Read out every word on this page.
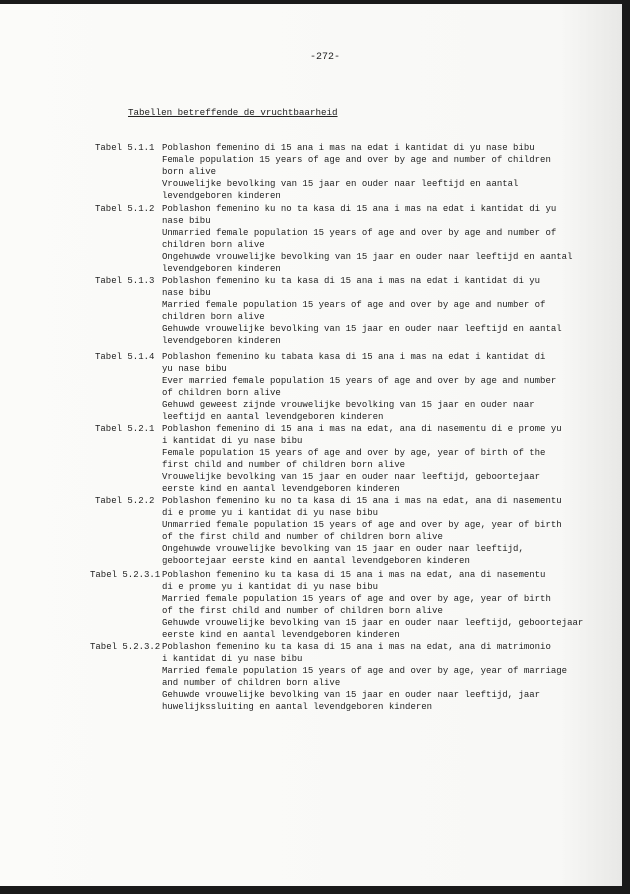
-272-
Tabellen betreffende de vruchtbaarheid
Tabel 5.1.1 Poblashon femenino di 15 ana i mas na edat i kantidat di yu nase bibu
Female population 15 years of age and over by age and number of children
born alive
Vrouwelijke bevolking van 15 jaar en ouder naar leeftijd en aantal
levendgeboren kinderen
Tabel 5.1.2 Poblashon femenino ku no ta kasa di 15 ana i mas na edat i kantidat di yu
nase bibu
Unmarried female population 15 years of age and over by age and number of
children born alive
Ongehuwde vrouwelijke bevolking van 15 jaar en ouder naar leeftijd en aantal
levendgeboren kinderen
Tabel 5.1.3 Poblashon femenino ku ta kasa di 15 ana i mas na edat i kantidat di yu
nase bibu
Married female population 15 years of age and over by age and number of
children born alive
Gehuwde vrouwelijke bevolking van 15 jaar en ouder naar leeftijd en aantal
levendgeboren kinderen
Tabel 5.1.4 Poblashon femenino ku tabata kasa di 15 ana i mas na edat i kantidat di
yu nase bibu
Ever married female population 15 years of age and over by age and number
of children born alive
Gehuwd geweest zijnde vrouwelijke bevolking van 15 jaar en ouder naar
leeftijd en aantal levendgeboren kinderen
Tabel 5.2.1 Poblashon femenino di 15 ana i mas na edat, ana di nasementu di e prome yu
i kantidat di yu nase bibu
Female population 15 years of age and over by age, year of birth of the
first child and number of children born alive
Vrouwelijke bevolking van 15 jaar en ouder naar leeftijd, geboortejaar
eerste kind en aantal levendgeboren kinderen
Tabel 5.2.2 Poblashon femenino ku no ta kasa di 15 ana i mas na edat, ana di nasementu
di e prome yu i kantidat di yu nase bibu
Unmarried female population 15 years of age and over by age, year of birth
of the first child and number of children born alive
Ongehuwde vrouwelijke bevolking van 15 jaar en ouder naar leeftijd,
geboortejaar eerste kind en aantal levendgeboren kinderen
Tabel 5.2.3.1 Poblashon femenino ku ta kasa di 15 ana i mas na edat, ana di nasementu
di e prome yu i kantidat di yu nase bibu
Married female population 15 years of age and over by age, year of birth
of the first child and number of children born alive
Gehuwde vrouwelijke bevolking van 15 jaar en ouder naar leeftijd, geboortejaar
eerste kind en aantal levendgeboren kinderen
Tabel 5.2.3.2 Poblashon femenino ku ta kasa di 15 ana i mas na edat, ana di matrimonio
i kantidat di yu nase bibu
Married female population 15 years of age and over by age, year of marriage
and number of children born alive
Gehuwde vrouwelijke bevolking van 15 jaar en ouder naar leeftijd, jaar
huwelijkssluiting en aantal levendgeboren kinderen
